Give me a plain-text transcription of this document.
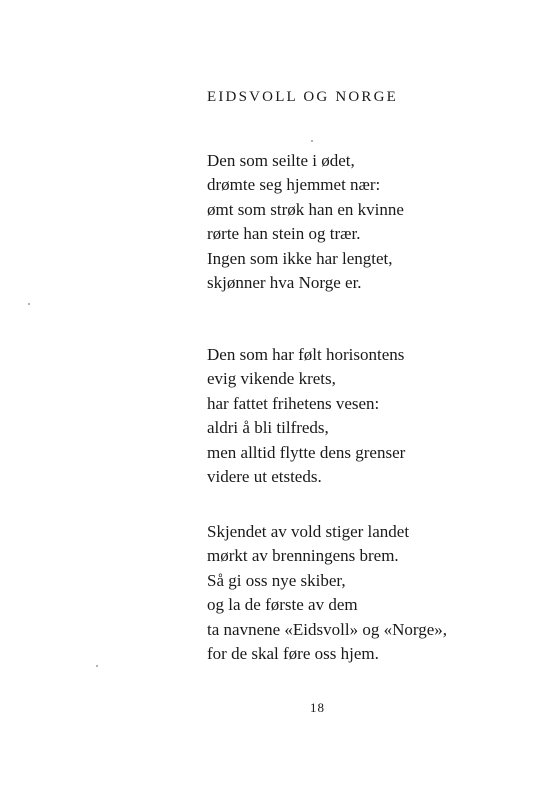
EIDSVOLL OG NORGE
Den som seilte i ødet,
drømte seg hjemmet nær:
ømt som strøk han en kvinne
rørte han stein og trær.
Ingen som ikke har lengtet,
skjønner hva Norge er.
Den som har følt horisontens
evig vikende krets,
har fattet frihetens vesen:
aldri å bli tilfreds,
men alltid flytte dens grenser
videre ut etsteds.
Skjendet av vold stiger landet
mørkt av brenningens brem.
Så gi oss nye skiber,
og la de første av dem
ta navnene «Eidsvoll» og «Norge»,
for de skal føre oss hjem.
18
